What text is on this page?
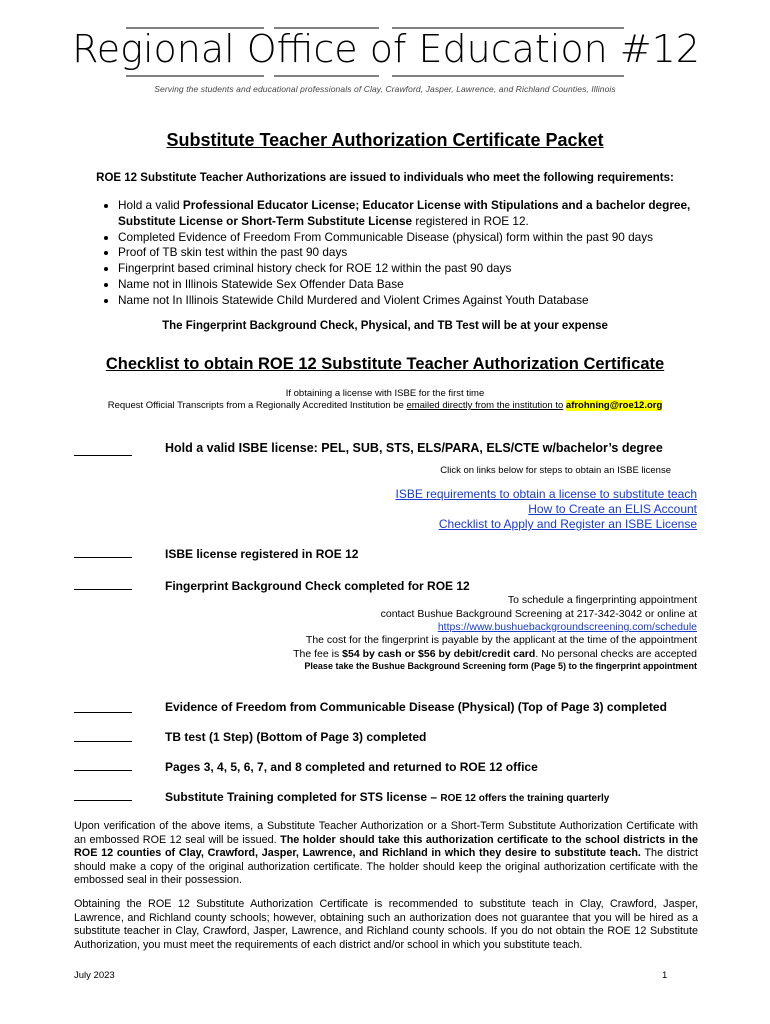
Regional Office of Education #12
Serving the students and educational professionals of Clay, Crawford, Jasper, Lawrence, and Richland Counties, Illinois
Substitute Teacher Authorization Certificate Packet
ROE 12 Substitute Teacher Authorizations are issued to individuals who meet the following requirements:
• Hold a valid Professional Educator License; Educator License with Stipulations and a bachelor degree, Substitute License or Short-Term Substitute License registered in ROE 12.
• Completed Evidence of Freedom From Communicable Disease (physical) form within the past 90 days
• Proof of TB skin test within the past 90 days
• Fingerprint based criminal history check for ROE 12 within the past 90 days
• Name not in Illinois Statewide Sex Offender Data Base
• Name not In Illinois Statewide Child Murdered and Violent Crimes Against Youth Database
The Fingerprint Background Check, Physical, and TB Test will be at your expense
Checklist to obtain ROE 12 Substitute Teacher Authorization Certificate
If obtaining a license with ISBE for the first time
Request Official Transcripts from a Regionally Accredited Institution be emailed directly from the institution to afrohning@roe12.org
Hold a valid ISBE license: PEL, SUB, STS, ELS/PARA, ELS/CTE w/bachelor’s degree
Click on links below for steps to obtain an ISBE license
ISBE requirements to obtain a license to substitute teach
How to Create an ELIS Account
Checklist to Apply and Register an ISBE License
ISBE license registered in ROE 12
Fingerprint Background Check completed for ROE 12
To schedule a fingerprinting appointment
contact Bushue Background Screening at 217-342-3042 or online at
https://www.bushuebackgroundscreening.com/schedule
The cost for the fingerprint is payable by the applicant at the time of the appointment
The fee is $54 by cash or $56 by debit/credit card. No personal checks are accepted
Please take the Bushue Background Screening form (Page 5) to the fingerprint appointment
Evidence of Freedom from Communicable Disease (Physical) (Top of Page 3) completed
TB test (1 Step) (Bottom of Page 3) completed
Pages 3, 4, 5, 6, 7, and 8 completed and returned to ROE 12 office
Substitute Training completed for STS license – ROE 12 offers the training quarterly
Upon verification of the above items, a Substitute Teacher Authorization or a Short-Term Substitute Authorization Certificate with an embossed ROE 12 seal will be issued. The holder should take this authorization certificate to the school districts in the ROE 12 counties of Clay, Crawford, Jasper, Lawrence, and Richland in which they desire to substitute teach. The district should make a copy of the original authorization certificate. The holder should keep the original authorization certificate with the embossed seal in their possession.
Obtaining the ROE 12 Substitute Authorization Certificate is recommended to substitute teach in Clay, Crawford, Jasper, Lawrence, and Richland county schools; however, obtaining such an authorization does not guarantee that you will be hired as a substitute teacher in Clay, Crawford, Jasper, Lawrence, and Richland county schools. If you do not obtain the ROE 12 Substitute Authorization, you must meet the requirements of each district and/or school in which you substitute teach.
July 2023	1
